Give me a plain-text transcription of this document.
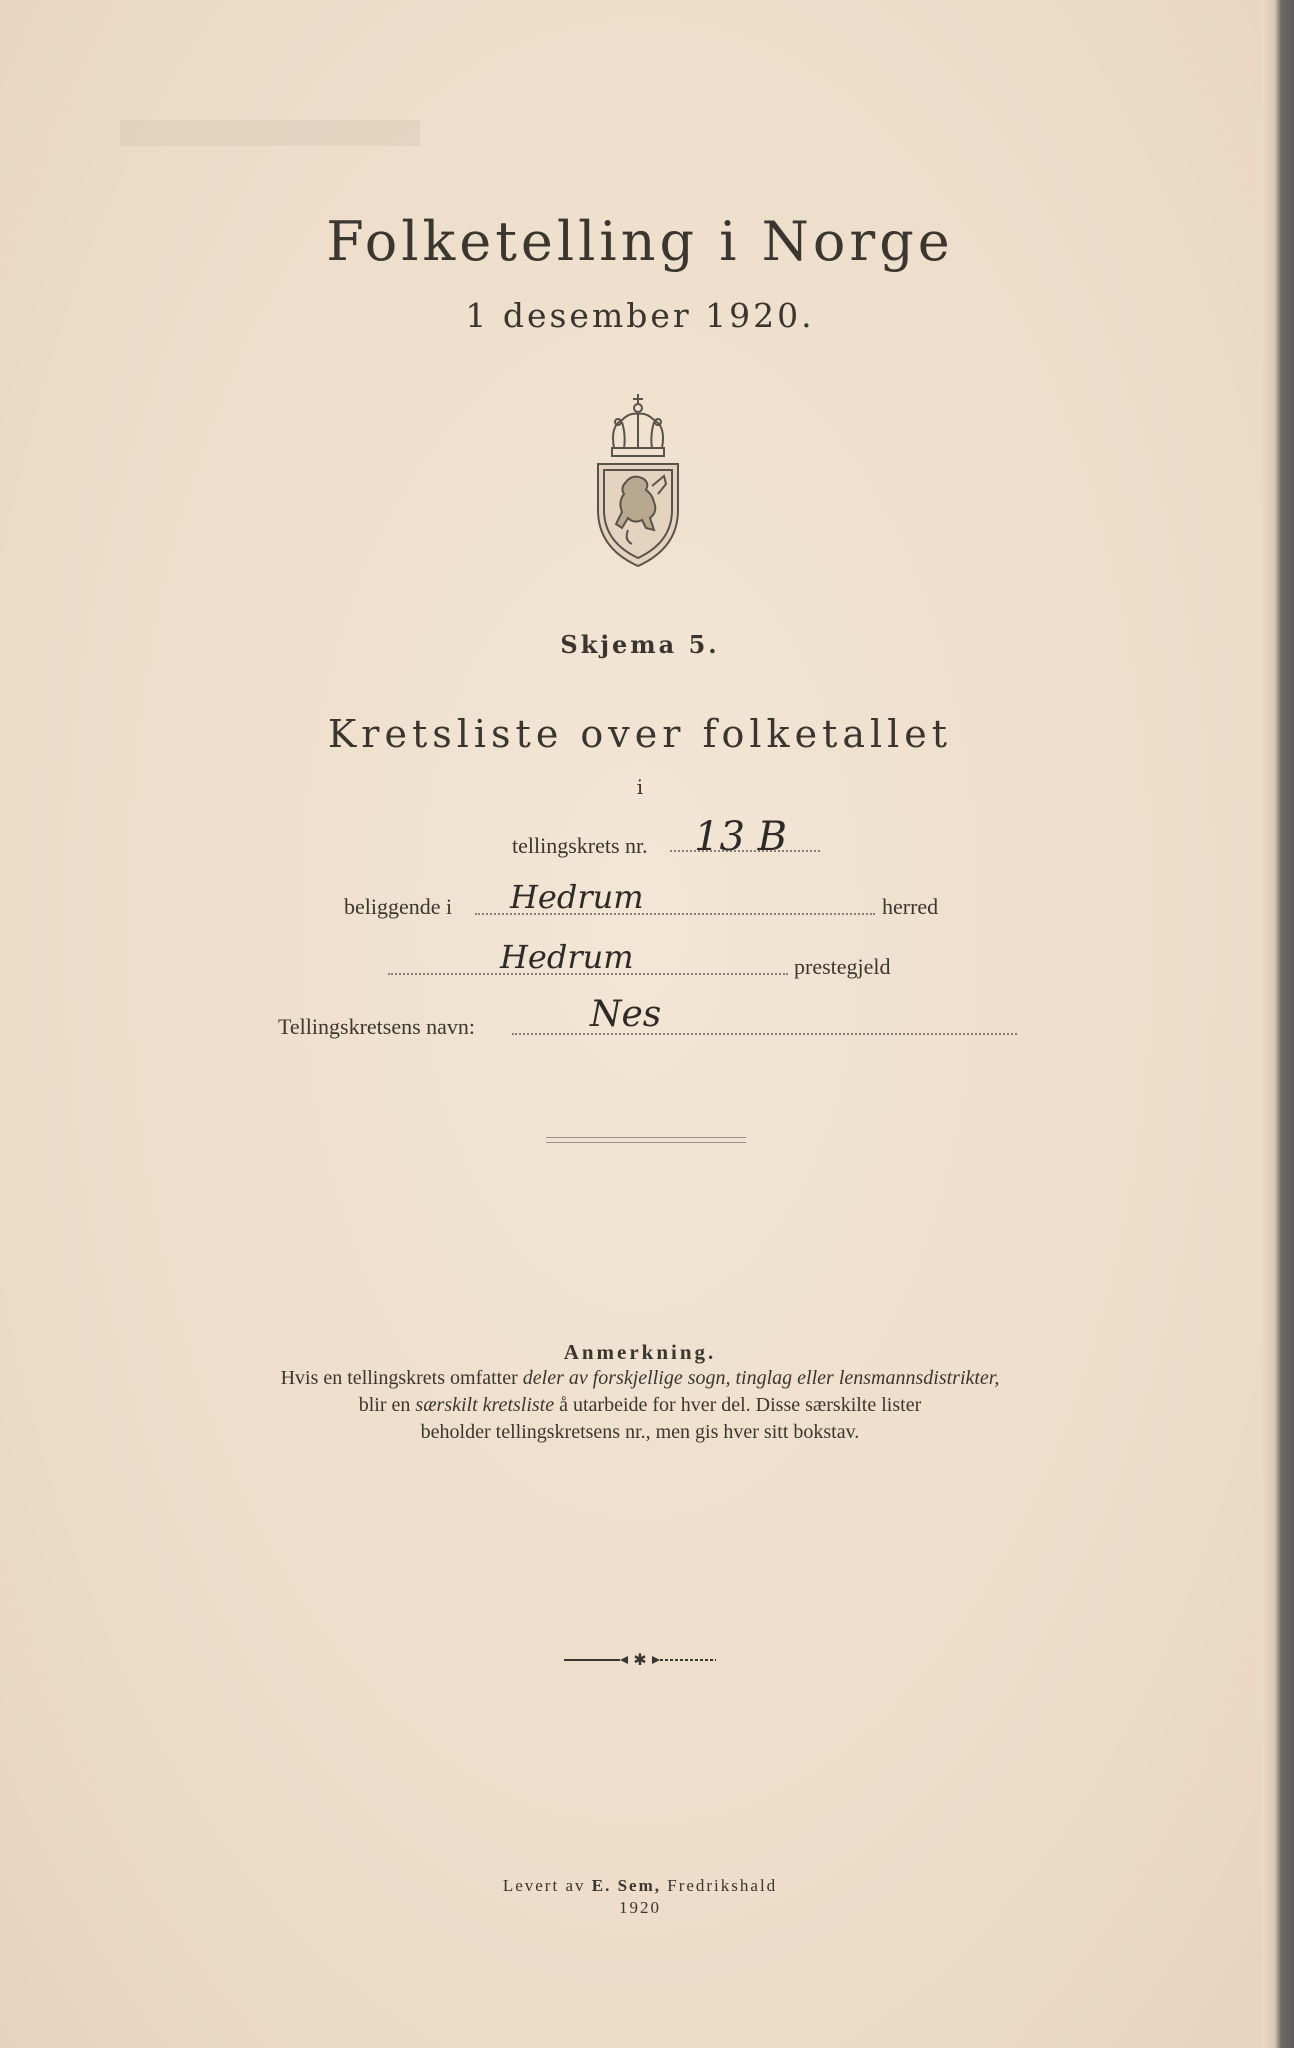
Folketelling i Norge
1 desember 1920.
Skjema 5.
Kretsliste over folketallet
i
tellingskrets nr. 13 B
beliggende i Hedrum	herred
Hedrum	prestegjeld
Tellingskretsens navn:	Nes
Anmerkning.
Hvis en tellingskrets omfatter deler av forskjellige sogn, tinglag eller lensmannsdistrikter,
blir en særskilt kretsliste å utarbeide for hver del. Disse særskilte lister
beholder tellingskretsens nr., men gis hver sitt bokstav.
✱
Levert av E. Sem, Fredrikshald
1920
